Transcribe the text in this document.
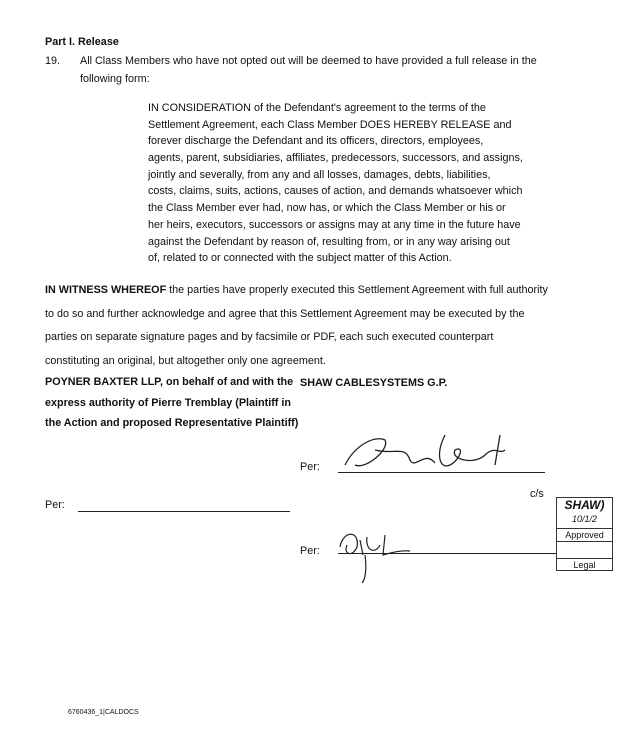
Part I. Release
19. All Class Members who have not opted out will be deemed to have provided a full release in the
following form:
IN CONSIDERATION of the Defendant's agreement to the terms of the
Settlement Agreement, each Class Member DOES HEREBY RELEASE and
forever discharge the Defendant and its officers, directors, employees,
agents, parent, subsidiaries, affiliates, predecessors, successors, and assigns,
jointly and severally, from any and all losses, damages, debts, liabilities,
costs, claims, suits, actions, causes of action, and demands whatsoever which
the Class Member ever had, now has, or which the Class Member or his or
her heirs, executors, successors or assigns may at any time in the future have
against the Defendant by reason of, resulting from, or in any way arising out
of, related to or connected with the subject matter of this Action.
IN WITNESS WHEREOF the parties have properly executed this Settlement Agreement with full authority
to do so and further acknowledge and agree that this Settlement Agreement may be executed by the
parties on separate signature pages and by facsimile or PDF, each such executed counterpart
constituting an original, but altogether only one agreement.
POYNER BAXTER LLP, on behalf of and with the
express authority of Pierre Tremblay (Plaintiff in
the Action and proposed Representative Plaintiff)
SHAW CABLESYSTEMS G.P.
Per:
Per:
c/s
Per:
SHAW)
10/1/2
Approved
Legal
6760436_1|CALDOCS
